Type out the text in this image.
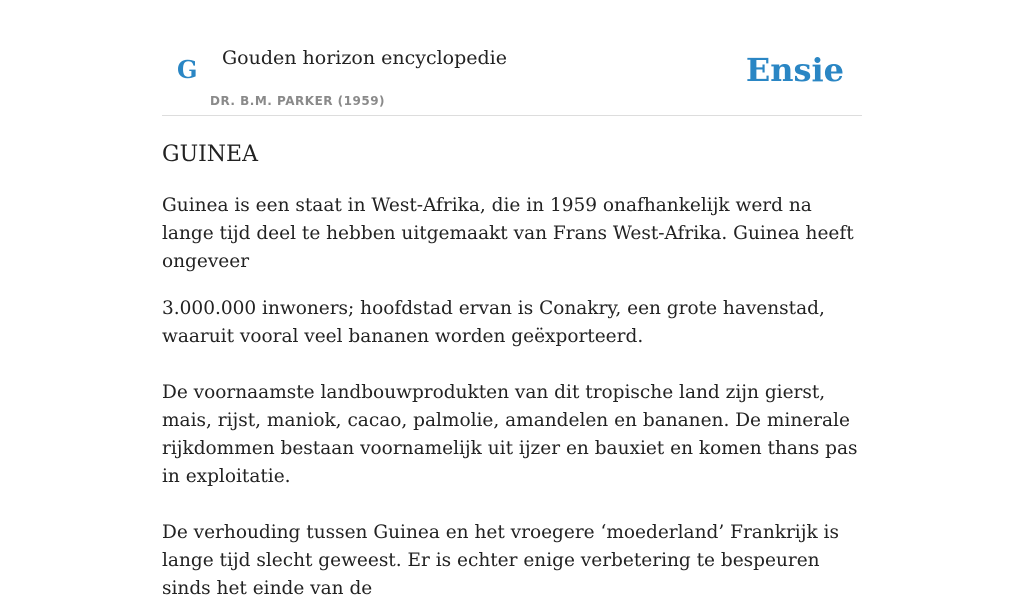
G Gouden horizon encyclopedie
DR. B.M. PARKER (1959)
Ensie
GUINEA

Guinea is een staat in West-Afrika, die in 1959 onafhankelijk werd na lange tijd deel te hebben uitgemaakt van Frans West-Afrika. Guinea heeft ongeveer

3.000.000 inwoners; hoofdstad ervan is Conakry, een grote havenstad, waaruit vooral veel bananen worden geëxporteerd.

De voornaamste landbouwprodukten van dit tropische land zijn gierst, mais, rijst, maniok, cacao, palmolie, amandelen en bananen. De minerale rijkdommen bestaan voornamelijk uit ijzer en bauxiet en komen thans pas in exploitatie.

De verhouding tussen Guinea en het vroegere ‘moederland’ Frankrijk is lange tijd slecht geweest. Er is echter enige verbetering te bespeuren sinds het einde van de
